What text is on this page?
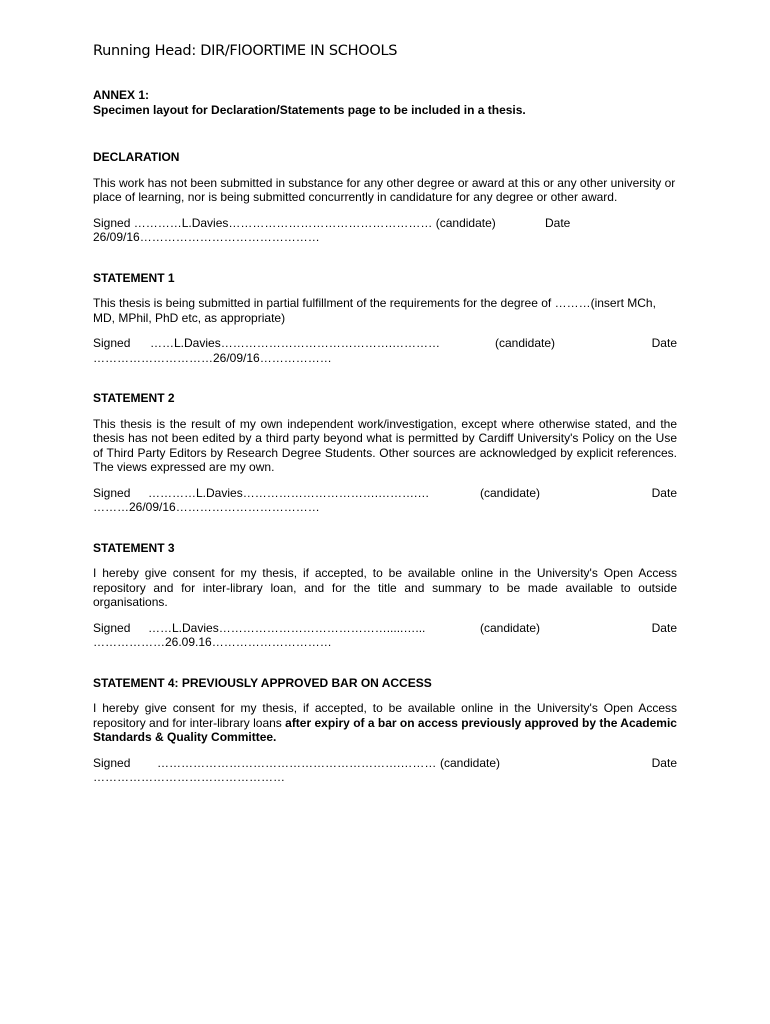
Running Head: DIR/FlOORTIME IN SCHOOLS

ANNEX 1:

Specimen layout for Declaration/Statements page to be included in a thesis.

DECLARATION

This work has not been submitted in substance for any other degree or award at this or any other university or place of learning, nor is being submitted concurrently in candidature for any degree or other award.

Signed …………L.Davies…………………………………………… (candidate)	Date

26/09/16………………………………………

STATEMENT 1

This thesis is being submitted in partial fulfillment of the requirements for the degree of ………(insert MCh, MD, MPhil, PhD etc, as appropriate)

Signed ……L.Davies…………………………………….…………	(candidate)	Date

…………………………26/09/16………………

STATEMENT 2

This thesis is the result of my own independent work/investigation, except where otherwise stated, and the thesis has not been edited by a third party beyond what is permitted by Cardiff University's Policy on the Use of Third Party Editors by Research Degree Students. Other sources are acknowledged by explicit references. The views expressed are my own.

Signed …………L.Davies…………………………….……….…	(candidate)	Date

………26/09/16………………………………

STATEMENT 3

I hereby give consent for my thesis, if accepted, to be available online in the University's Open Access repository and for inter-library loan, and for the title and summary to be made available to outside organisations.

Signed ……L.Davies…………………………………….....…...	(candidate)	Date

………………26.09.16…………………………

STATEMENT 4: PREVIOUSLY APPROVED BAR ON ACCESS

I hereby give consent for my thesis, if accepted, to be available online in the University's Open Access repository and for inter-library loans after expiry of a bar on access previously approved by the Academic Standards & Quality Committee.

Signed …………………………………………………….……… (candidate)	Date

…………………………………………
